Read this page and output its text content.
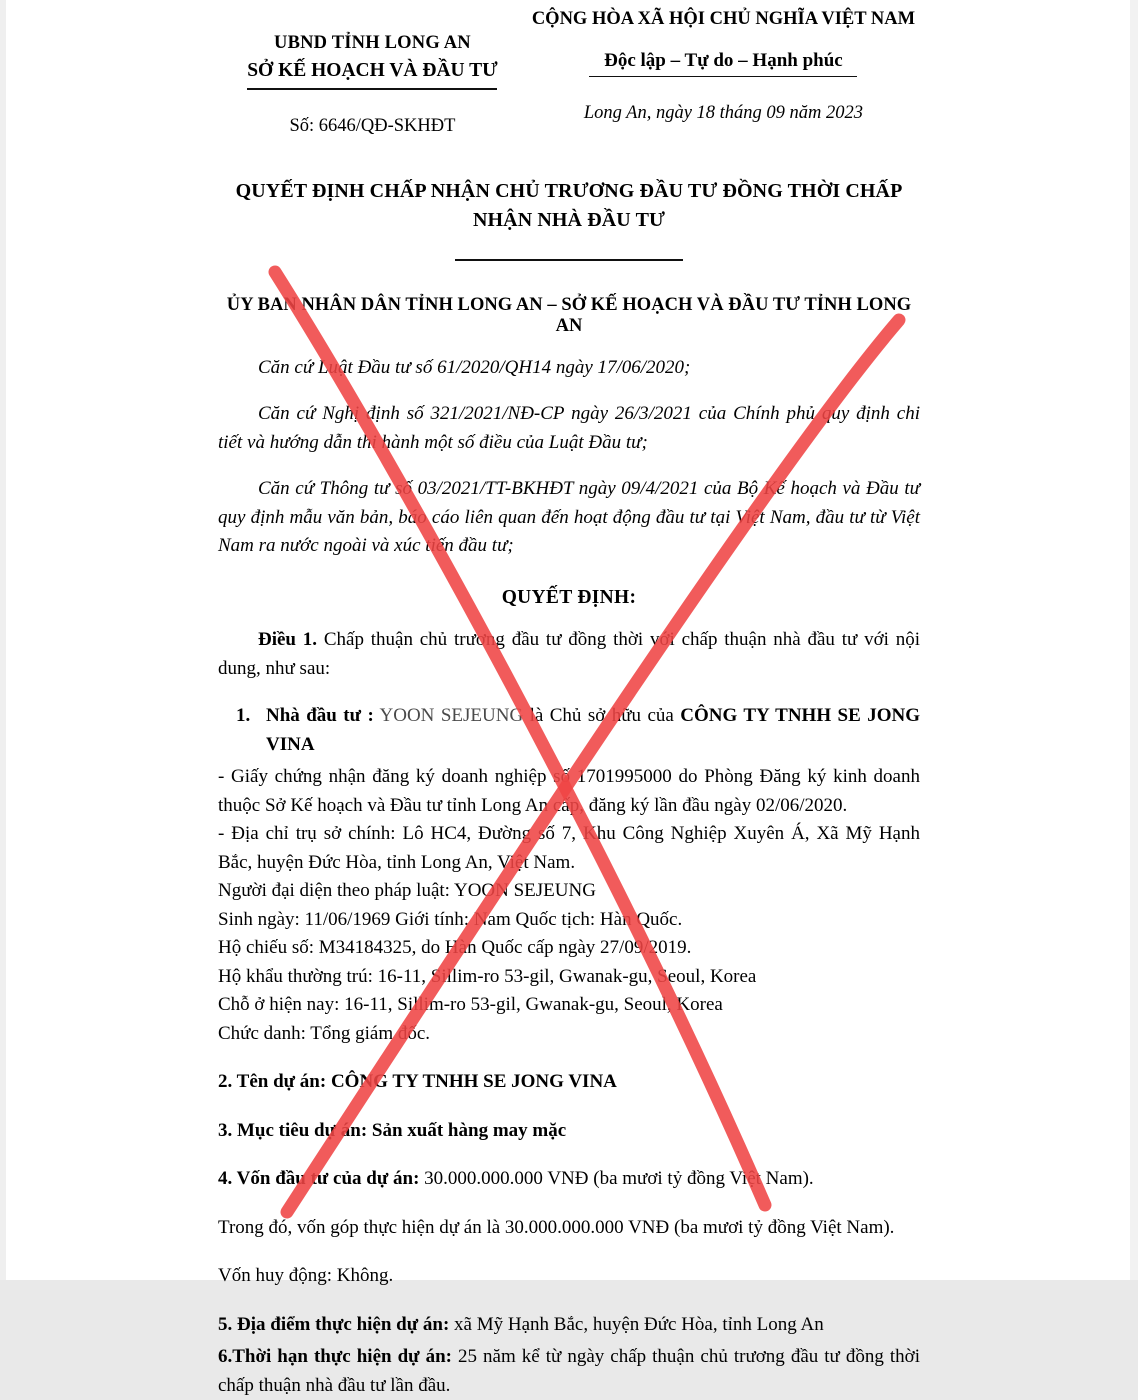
UBND TỈNH LONG AN
SỞ KẾ HOẠCH VÀ ĐẦU TƯ
Số: 6646/QĐ-SKHĐT
CỘNG HÒA XÃ HỘI CHỦ NGHĨA VIỆT NAM
Độc lập – Tự do – Hạnh phúc
Long An, ngày 18 tháng 09 năm 2023
QUYẾT ĐỊNH CHẤP NHẬN CHỦ TRƯƠNG ĐẦU TƯ ĐỒNG THỜI CHẤP NHẬN NHÀ ĐẦU TƯ
ỦY BAN NHÂN DÂN TỈNH LONG AN – SỞ KẾ HOẠCH VÀ ĐẦU TƯ TỈNH LONG AN

Căn cứ Luật Đầu tư số 61/2020/QH14 ngày 17/06/2020;

Căn cứ Nghị định số 321/2021/NĐ-CP ngày 26/3/2021 của Chính phủ quy định chi tiết và hướng dẫn thi hành một số điều của Luật Đầu tư;

Căn cứ Thông tư số 03/2021/TT-BKHĐT ngày 09/4/2021 của Bộ Kế hoạch và Đầu tư quy định mẫu văn bản, báo cáo liên quan đến hoạt động đầu tư tại Việt Nam, đầu tư từ Việt Nam ra nước ngoài và xúc tiến đầu tư;

QUYẾT ĐỊNH:

Điều 1. Chấp thuận chủ trương đầu tư đồng thời với chấp thuận nhà đầu tư với nội dung, như sau:

1. Nhà đầu tư : YOON SEJEUNG là Chủ sở hữu của CÔNG TY TNHH SE JONG VINA

- Giấy chứng nhận đăng ký doanh nghiệp số 1701995000 do Phòng Đăng ký kinh doanh thuộc Sở Kế hoạch và Đầu tư tỉnh Long An cấp, đăng ký lần đầu ngày 02/06/2020.

- Địa chỉ trụ sở chính: Lô HC4, Đường số 7, Khu Công Nghiệp Xuyên Á, Xã Mỹ Hạnh Bắc, huyện Đức Hòa, tỉnh Long An, Việt Nam.

Người đại diện theo pháp luật: YOON SEJEUNG

Sinh ngày: 11/06/1969 Giới tính: Nam Quốc tịch: Hàn Quốc.

Hộ chiếu số: M34184325, do Hàn Quốc cấp ngày 27/09/2019.

Hộ khẩu thường trú: 16-11, Sillim-ro 53-gil, Gwanak-gu, Seoul, Korea

Chỗ ở hiện nay: 16-11, Sillim-ro 53-gil, Gwanak-gu, Seoul, Korea

Chức danh: Tổng giám đốc.

2. Tên dự án: CÔNG TY TNHH SE JONG VINA
3. Mục tiêu dự án: Sản xuất hàng may mặc
4. Vốn đầu tư của dự án: 30.000.000.000 VNĐ (ba mươi tỷ đồng Việt Nam).
Trong đó, vốn góp thực hiện dự án là 30.000.000.000 VNĐ (ba mươi tỷ đồng Việt Nam).
Vốn huy động: Không.
5. Địa điểm thực hiện dự án: xã Mỹ Hạnh Bắc, huyện Đức Hòa, tỉnh Long An
6.Thời hạn thực hiện dự án: 25 năm kể từ ngày chấp thuận chủ trương đầu tư đồng thời chấp thuận nhà đầu tư lần đầu.
